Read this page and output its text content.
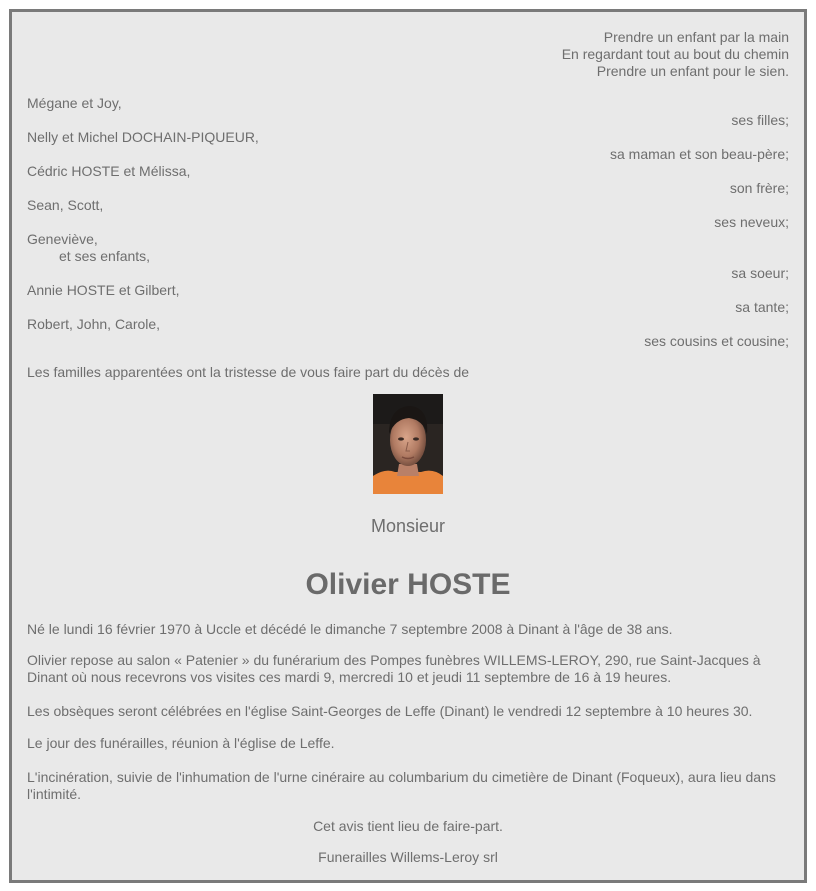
Prendre un enfant par la main
En regardant tout au bout du chemin
Prendre un enfant pour le sien.
Mégane et Joy,
ses filles;
Nelly et Michel DOCHAIN-PIQUEUR,
sa maman et son beau-père;
Cédric HOSTE et Mélissa,
son frère;
Sean, Scott,
ses neveux;
Geneviève,
et ses enfants,
sa soeur;
Annie HOSTE et Gilbert,
sa tante;
Robert, John, Carole,
ses cousins et cousine;
Les familles apparentées ont la tristesse de vous faire part du décès de
Monsieur
Olivier HOSTE
Né le lundi 16 février 1970 à Uccle et décédé le dimanche 7 septembre 2008 à Dinant à l'âge de 38 ans.
Olivier repose au salon « Patenier » du funérarium des Pompes funèbres WILLEMS-LEROY, 290, rue Saint-Jacques à Dinant où nous recevrons vos visites ces mardi 9, mercredi 10 et jeudi 11 septembre de 16 à 19 heures.
Les obsèques seront célébrées en l'église Saint-Georges de Leffe (Dinant) le vendredi 12 septembre à 10 heures 30.
Le jour des funérailles, réunion à l'église de Leffe.
L'incinération, suivie de l'inhumation de l'urne cinéraire au columbarium du cimetière de Dinant (Foqueux), aura lieu dans l'intimité.
Cet avis tient lieu de faire-part.
Funerailles Willems-Leroy srl
